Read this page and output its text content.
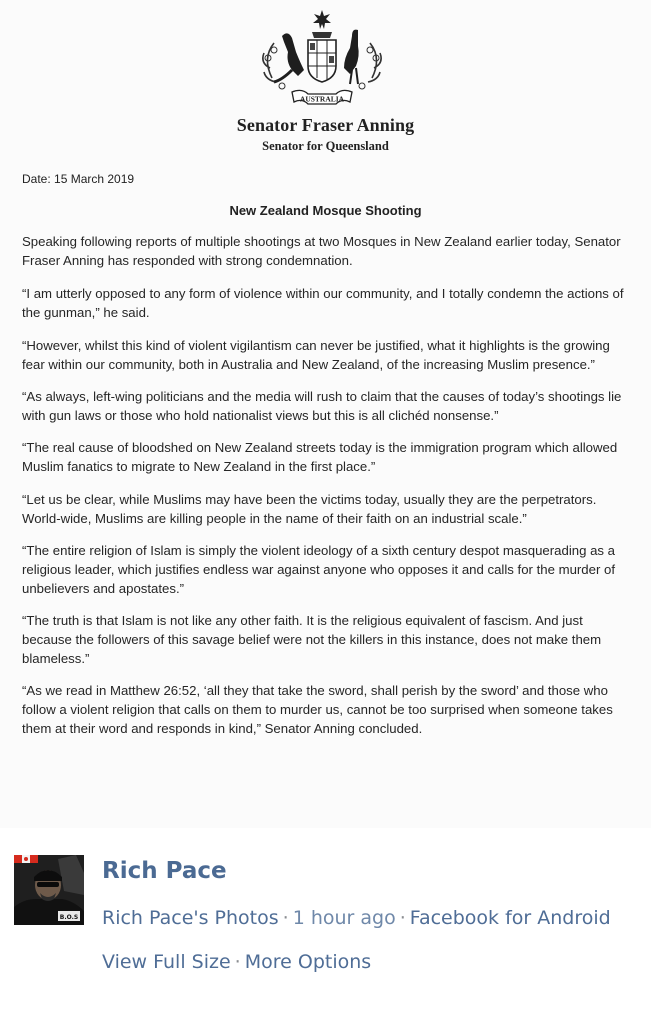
AUSTRALIA
Senator Fraser Anning
Senator for Queensland
Date: 15 March 2019
New Zealand Mosque Shooting

Speaking following reports of multiple shootings at two Mosques in New Zealand earlier today, Senator Fraser Anning has responded with strong condemnation.

“I am utterly opposed to any form of violence within our community, and I totally condemn the actions of the gunman,” he said.

“However, whilst this kind of violent vigilantism can never be justified, what it highlights is the growing fear within our community, both in Australia and New Zealand, of the increasing Muslim presence.”

“As always, left-wing politicians and the media will rush to claim that the causes of today’s shootings lie with gun laws or those who hold nationalist views but this is all clichéd nonsense.”

“The real cause of bloodshed on New Zealand streets today is the immigration program which allowed Muslim fanatics to migrate to New Zealand in the first place.”

“Let us be clear, while Muslims may have been the victims today, usually they are the perpetrators. World-wide, Muslims are killing people in the name of their faith on an industrial scale.”

“The entire religion of Islam is simply the violent ideology of a sixth century despot masquerading as a religious leader, which justifies endless war against anyone who opposes it and calls for the murder of unbelievers and apostates.”

“The truth is that Islam is not like any other faith. It is the religious equivalent of fascism. And just because the followers of this savage belief were not the killers in this instance, does not make them blameless.”

“As we read in Matthew 26:52, ‘all they that take the sword, shall perish by the sword’ and those who follow a violent religion that calls on them to murder us, cannot be too surprised when someone takes them at their word and responds in kind,” Senator Anning concluded.

B.O.S
Rich Pace
Rich Pace's Photos · 1 hour ago · Facebook for Android
View Full Size · More Options
